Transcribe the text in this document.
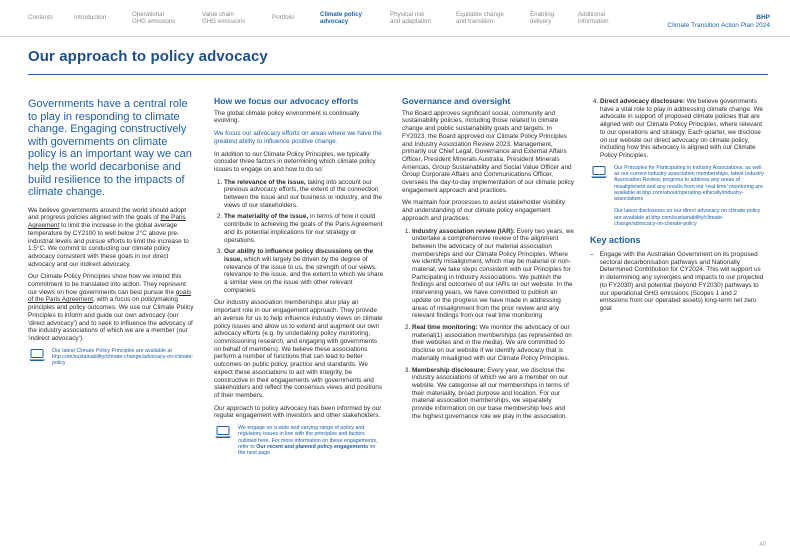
Contents	Introduction	Operational
GHG emissions
Value chain
GHG emissions
Portfolio	Climate policy
advocacy
Physical risk
and adaptation
Equitable change
and transition
Enabling
delivery
Additional
information
BHP
Climate Transition Action Plan 2024
Our approach to policy advocacy

Governments have a central role to play in responding to climate change. Engaging constructively with governments on climate policy is an important way we can help the world decarbonise and build resilience to the impacts of climate change.

We believe governments around the world should adopt and progress policies aligned with the goals of the Paris Agreement to limit the increase in the global average temperature by CY2100 to well below 2°C above pre-industrial levels and pursue efforts to limit the increase to 1.5°C. We commit to conducting our climate policy advocacy consistent with these goals in our direct advocacy and our indirect advocacy.

Our Climate Policy Principles show how we intend this commitment to be translated into action. They represent our views on how governments can best pursue the goals of the Paris Agreement, with a focus on policymaking principles and policy outcomes. We use our Climate Policy Principles to inform and guide our own advocacy (our 'direct advocacy') and to seek to influence the advocacy of the industry associations of which we are a member (our 'indirect advocacy').

Our latest Climate Policy Principles are available at bhp.com/sustainability/climate-change/advocacy-on-climate-policy
How we focus our advocacy efforts

The global climate policy environment is continually evolving.

We focus our advocacy efforts on areas where we have the greatest ability to influence positive change.

In addition to our Climate Policy Principles, we typically consider three factors in determining which climate policy issues to engage on and how to do so:

1. The relevance of the issue, taking into account our previous advocacy efforts, the extent of the connection between the issue and our business or industry, and the views of our stakeholders.
2. The materiality of the issue, in terms of how it could contribute to achieving the goals of the Paris Agreement and its potential implications for our strategy or operations.
3. Our ability to influence policy discussions on the issue, which will largely be driven by the degree of relevance of the issue to us, the strength of our views, relevance to the issue, and the extent to which we share a similar view on the issue with other relevant companies.

Our industry association memberships also play an important role in our engagement approach. They provide an avenue for us to help influence industry views on climate policy issues and allow us to extend and augment our own advocacy efforts (e.g. by undertaking policy monitoring, commissioning research, and engaging with governments on behalf of members). We believe these associations perform a number of functions that can lead to better outcomes on public policy, practice and standards. We expect these associations to act with integrity, be constructive in their engagements with governments and stakeholders and reflect the consensus views and positions of their members.

Our approach to policy advocacy has been informed by our regular engagement with investors and other stakeholders.

We engage on a wide and varying range of policy and regulatory issues in line with the principles and factors outlined here. For more information on these engagements, refer to Our recent and planned policy engagements on the next page
Governance and oversight

The Board approves significant social, community and sustainability policies, including those related to climate change and public sustainability goals and targets. In FY2023, the Board approved our Climate Policy Principles and Industry Association Review 2023. Management, primarily our Chief Legal, Governance and External Affairs Officer, President Minerals Australia, President Minerals Americas, Group Sustainability and Social Value Officer and Group Corporate Affairs and Communications Officer, oversees the day-to-day implementation of our climate policy engagement approach and practices.

We maintain four processes to assist stakeholder visibility and understanding of our climate policy engagement approach and practices:

1. Industry association review (IAR): Every two years, we undertake a comprehensive review of the alignment between the advocacy of our material association memberships and our Climate Policy Principles. Where we identify misalignment, which may be material or non-material, we take steps consistent with our Principles for Participating in Industry Associations. We publish the findings and outcomes of our IARs on our website. In the intervening years, we have committed to publish an update on the progress we have made in addressing areas of misalignment from the prior review and any relevant findings from our real time monitoring
2. Real time monitoring: We monitor the advocacy of our material(1) association memberships (as represented on their websites and in the media). We are committed to disclose on our website if we identify advocacy that is materially misaligned with our Climate Policy Principles.
3. Membership disclosure: Every year, we disclose the industry associations of which we are a member on our website. We categorise all our memberships in terms of their materiality, broad purpose and location. For our material association memberships, we separately provide information on our base membership fees and the highest governance role we play in the association.
4. Direct advocacy disclosure: We believe governments have a vital role to play in addressing climate change. We advocate in support of proposed climate policies that are aligned with our Climate Policy Principles, where relevant to our operations and strategy. Each quarter, we disclose on our website our direct advocacy on climate policy, including how this advocacy is aligned with our Climate Policy Principles.
Our Principles for Participating in Industry Associations, as well as our current industry association memberships, latest Industry Association Review, progress to address any areas of misalignment and any results from our 'real time' monitoring are available at bhp.com/about/operating-ethically/industry-associations
Our latest disclosures on our direct advocacy on climate policy are available at bhp.com/sustainability/climate-change/advocacy-on-climate-policy
Key actions
– Engage with the Australian Government on its proposed sectoral decarbonisation pathways and Nationally Determined Contribution for CY2024. This will support us in determining any synergies and impacts to our projected (to FY2030) and potential (beyond FY2030) pathways to our operational GHG emissions (Scopes 1 and 2 emissions from our operated assets) long-term net zero goal
40
